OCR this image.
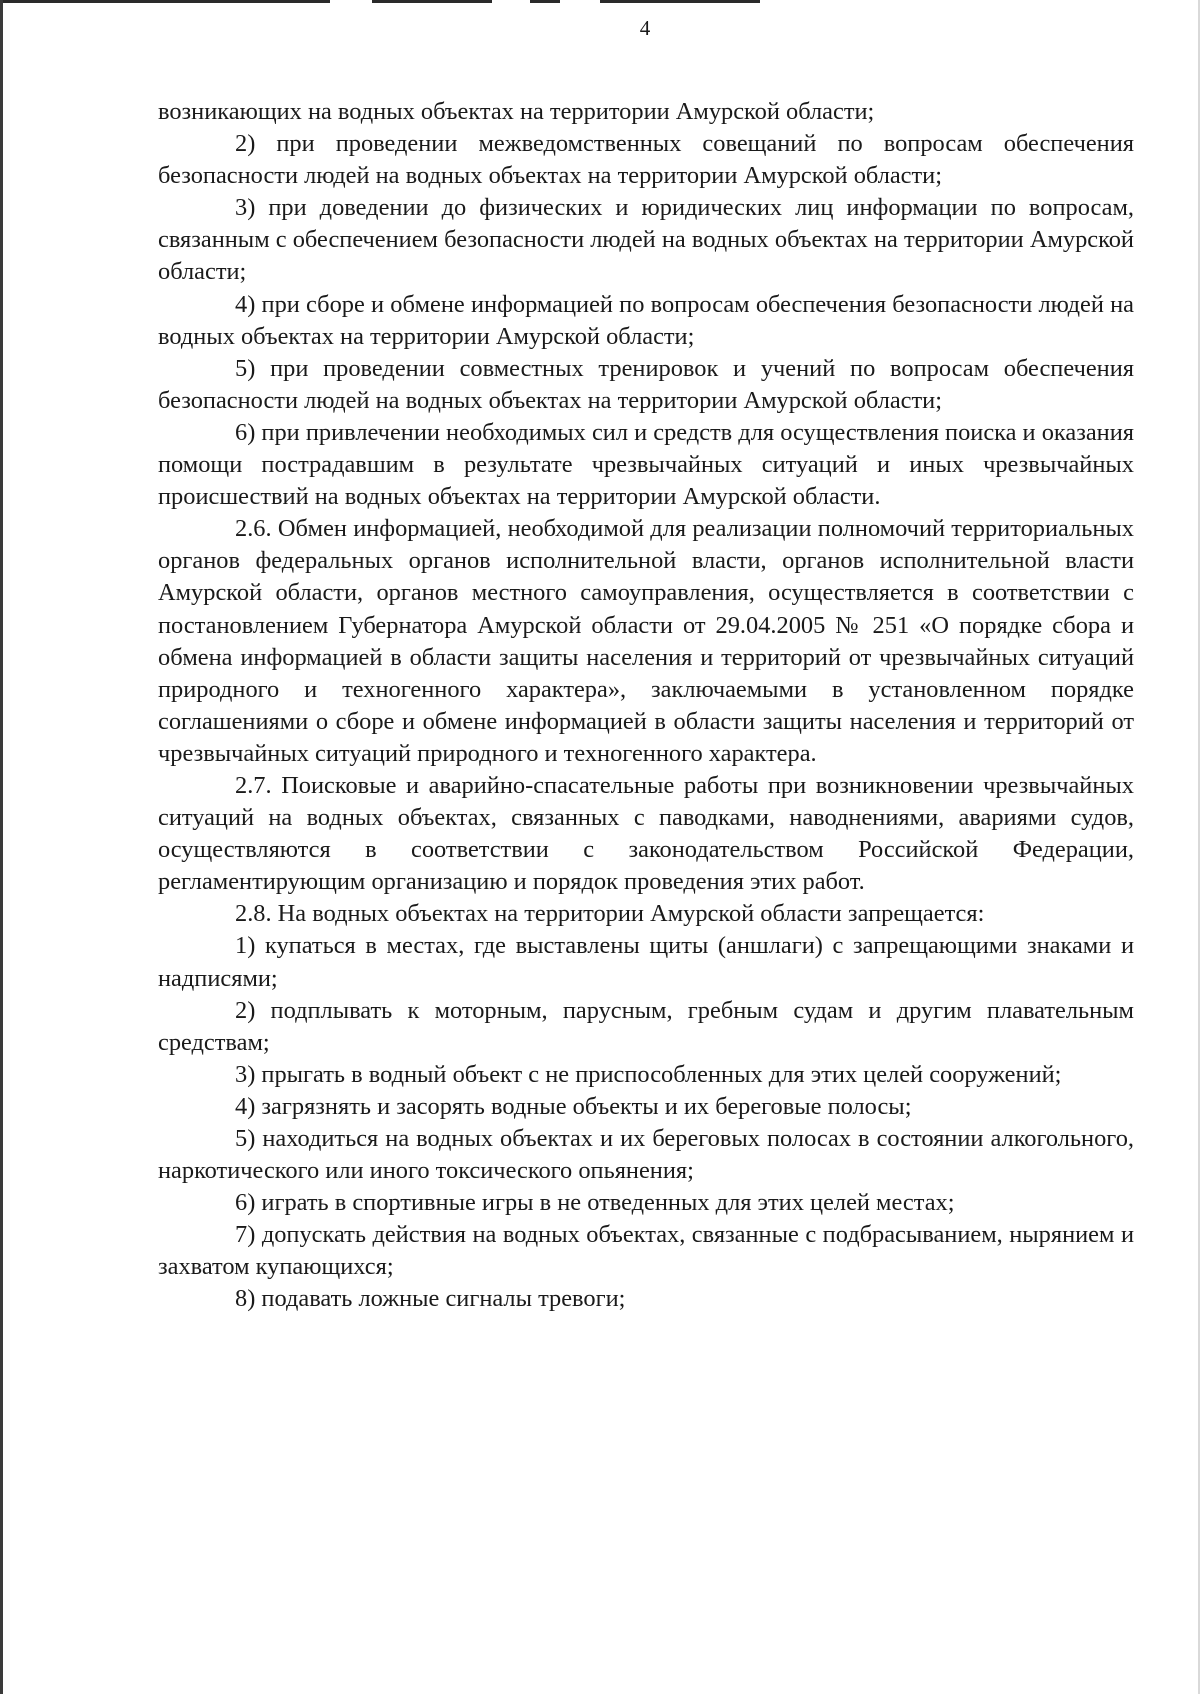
4

возникающих на водных объектах на территории Амурской области;

2) при проведении межведомственных совещаний по вопросам обеспечения безопасности людей на водных объектах на территории Амурской области;

3) при доведении до физических и юридических лиц информации по вопросам, связанным с обеспечением безопасности людей на водных объектах на территории Амурской области;

4) при сборе и обмене информацией по вопросам обеспечения безопасности людей на водных объектах на территории Амурской области;

5) при проведении совместных тренировок и учений по вопросам обеспечения безопасности людей на водных объектах на территории Амурской области;

6) при привлечении необходимых сил и средств для осуществления поиска и оказания помощи пострадавшим в результате чрезвычайных ситуаций и иных чрезвычайных происшествий на водных объектах на территории Амурской области.

2.6. Обмен информацией, необходимой для реализации полномочий территориальных органов федеральных органов исполнительной власти, органов исполнительной власти Амурской области, органов местного самоуправления, осуществляется в соответствии с постановлением Губернатора Амурской области от 29.04.2005 № 251 «О порядке сбора и обмена информацией в области защиты населения и территорий от чрезвычайных ситуаций природного и техногенного характера», заключаемыми в установленном порядке соглашениями о сборе и обмене информацией в области защиты населения и территорий от чрезвычайных ситуаций природного и техногенного характера.

2.7. Поисковые и аварийно-спасательные работы при возникновении чрезвычайных ситуаций на водных объектах, связанных с паводками, наводнениями, авариями судов, осуществляются в соответствии с законодательством Российской Федерации, регламентирующим организацию и порядок проведения этих работ.

2.8. На водных объектах на территории Амурской области запрещается:

1) купаться в местах, где выставлены щиты (аншлаги) с запрещающими знаками и надписями;

2) подплывать к моторным, парусным, гребным судам и другим плавательным средствам;

3) прыгать в водный объект с не приспособленных для этих целей сооружений;

4) загрязнять и засорять водные объекты и их береговые полосы;

5) находиться на водных объектах и их береговых полосах в состоянии алкогольного, наркотического или иного токсического опьянения;

6) играть в спортивные игры в не отведенных для этих целей местах;

7) допускать действия на водных объектах, связанные с подбрасыванием, нырянием и захватом купающихся;

8) подавать ложные сигналы тревоги;
